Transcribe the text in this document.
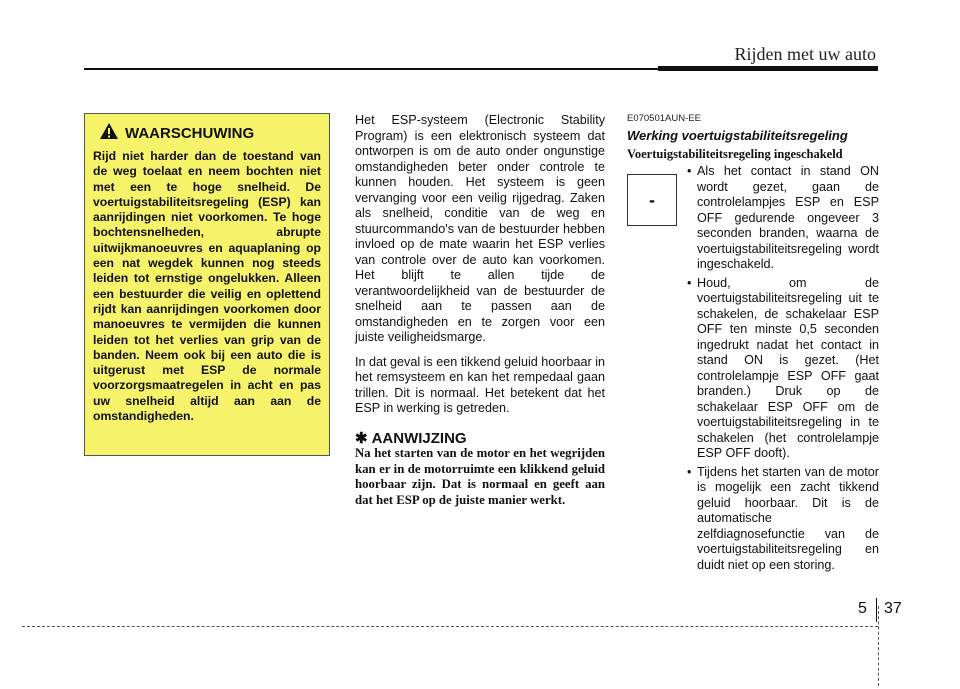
Rijden met uw auto
WAARSCHUWING

Rijd niet harder dan de toestand van de weg toelaat en neem bochten niet met een te hoge snelheid. De voertuigstabiliteitsregeling (ESP) kan aanrijdingen niet voorkomen. Te hoge bochtensnelheden, abrupte uitwijkmanoeuvres en aquaplaning op een nat wegdek kunnen nog steeds leiden tot ernstige ongelukken. Alleen een bestuurder die veilig en oplettend rijdt kan aanrijdingen voorkomen door manoeuvres te vermijden die kunnen leiden tot het verlies van grip van de banden. Neem ook bij een auto die is uitgerust met ESP de normale voorzorgsmaatregelen in acht en pas uw snelheid altijd aan aan de omstandigheden.

Het ESP-systeem (Electronic Stability Program) is een elektronisch systeem dat ontworpen is om de auto onder ongunstige omstandigheden beter onder controle te kunnen houden. Het systeem is geen vervanging voor een veilig rijgedrag. Zaken als snelheid, conditie van de weg en stuurcommando's van de bestuurder hebben invloed op de mate waarin het ESP verlies van controle over de auto kan voorkomen. Het blijft te allen tijde de verantwoordelijkheid van de bestuurder de snelheid aan te passen aan de omstandigheden en te zorgen voor een juiste veiligheidsmarge.

In dat geval is een tikkend geluid hoorbaar in het remsysteem en kan het rempedaal gaan trillen. Dit is normaal. Het betekent dat het ESP in werking is getreden.

✱ AANWIJZING

Na het starten van de motor en het wegrijden kan er in de motorruimte een klikkend geluid hoorbaar zijn. Dat is normaal en geeft aan dat het ESP op de juiste manier werkt.

E070501AUN-EE
Werking voertuigstabiliteitsregeling
Voertuigstabiliteitsregeling ingeschakeld
-
• Als het contact in stand ON wordt gezet, gaan de controlelampjes ESP en ESP OFF gedurende ongeveer 3 seconden branden, waarna de voertuigstabiliteitsregeling wordt ingeschakeld.
• Houd, om de voertuigstabiliteitsregeling uit te schakelen, de schakelaar ESP OFF ten minste 0,5 seconden ingedrukt nadat het contact in stand ON is gezet. (Het controlelampje ESP OFF gaat branden.) Druk op de schakelaar ESP OFF om de voertuigstabiliteitsregeling in te schakelen (het controlelampje ESP OFF dooft).
• Tijdens het starten van de motor is mogelijk een zacht tikkend geluid hoorbaar. Dit is de automatische zelfdiagnosefunctie van de voertuigstabiliteitsregeling en duidt niet op een storing.
5 37
